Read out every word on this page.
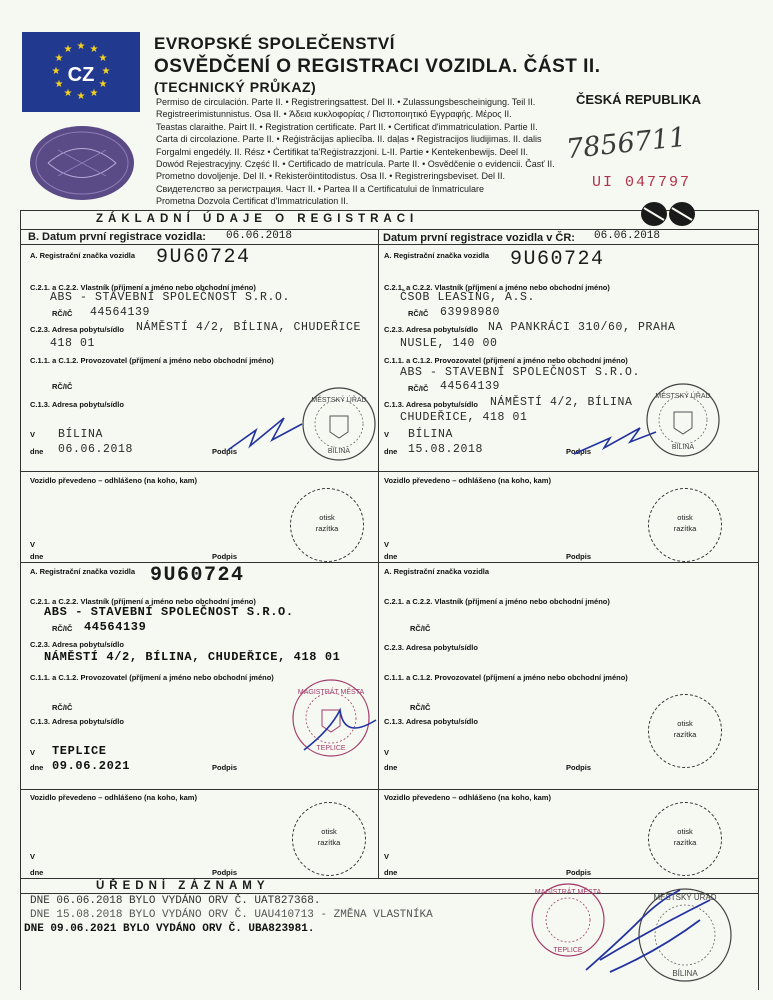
★ ★
★
★
★
★
★
★
★
★
★
★
CZ
EVROPSKÉ SPOLEČENSTVÍ
OSVĚDČENÍ O REGISTRACI VOZIDLA. ČÁST II.
(TECHNICKÝ PRŮKAZ)
ČESKÁ REPUBLIKA
Permiso de circulación. Parte II. • Registreringsattest. Del II. • Zulassungsbescheinigung. Teil II.
Registreerimistunnistus. Osa II. • Άδεια κυκλοφορίας / Πιστοποιητικό Εγγραφής. Μέρος II.
Teastas claraithe. Pairt II. • Registration certificate. Part II. • Certificat d'immatriculation. Partie II.
Carta di circolazione. Parte II. • Reģistrācijas apliecība. II. daļas • Registracijos liudijimas. II. dalis
Forgalmi engedély. II. Rész • Ċertifikat ta'Reġistrazzjoni. L-II. Partie • Kentekenbewijs. Deel II.
Dowód Rejestracyjny. Część II. • Certificado de matrícula. Parte II. • Osvědčenie o evidencii. Časť II.
Prometno dovoljenje. Del II. • Rekisteröintitodistus. Osa II. • Registreringsbeviset. Del II.
Свидетелство за регистрация. Част II. • Partea II a Certificatului de înmatriculare
Prometna Dozvola Certificat d'Immatriculation II.
7856711
UI 047797
ZÁKLADNÍ ÚDAJE O REGISTRACI
B. Datum první registrace vozidla: 06.06.2018	Datum první registrace vozidla v ČR: 06.06.2018
A. Registrační značka vozidla 9U60724
C.2.1. a C.2.2. Vlastník (příjmení a jméno nebo obchodní jméno)
ABS - STAVEBNÍ SPOLEČNOST S.R.O.
RČ/IČ 44564139
C.2.3. Adresa pobytu/sídlo NÁMĚSTÍ 4/2, BÍLINA, CHUDEŘICE
418 01
C.1.1. a C.1.2. Provozovatel (příjmení a jméno nebo obchodní jméno)
RČ/IČ
C.1.3. Adresa pobytu/sídlo
V BÍLINA
dne 06.06.2018	Podpis
MĚSTSKÝ ÚŘAD
BÍLINA
Vozidlo převedeno – odhlášeno (na koho, kam)
otisk
razítka
V
dne	Podpis
A. Registrační značka vozidla 9U60724
C.2.1. a C.2.2. Vlastník (příjmení a jméno nebo obchodní jméno)
ČSOB LEASING, A.S.
RČ/IČ 63998980
C.2.3. Adresa pobytu/sídlo NA PANKRÁCI 310/60, PRAHA
NUSLE, 140 00
C.1.1. a C.1.2. Provozovatel (příjmení a jméno nebo obchodní jméno)
ABS - STAVEBNÍ SPOLEČNOST S.R.O.
RČ/IČ 44564139
C.1.3. Adresa pobytu/sídlo NÁMĚSTÍ 4/2, BÍLINA
CHUDEŘICE, 418 01
V BÍLINA
dne 15.08.2018	Podpis
MĚSTSKÝ ÚŘAD
BÍLINA
Vozidlo převedeno – odhlášeno (na koho, kam)
otisk
razítka
V
dne	Podpis
A. Registrační značka vozidla 9U60724
C.2.1. a C.2.2. Vlastník (příjmení a jméno nebo obchodní jméno)
ABS - STAVEBNÍ SPOLEČNOST S.R.O.
RČ/IČ 44564139
C.2.3. Adresa pobytu/sídlo
NÁMĚSTÍ 4/2, BÍLINA, CHUDEŘICE, 418 01
C.1.1. a C.1.2. Provozovatel (příjmení a jméno nebo obchodní jméno)
RČ/IČ
C.1.3. Adresa pobytu/sídlo
V TEPLICE
dne 09.06.2021	Podpis
MAGISTRÁT MĚSTA
TEPLICE
Vozidlo převedeno – odhlášeno (na koho, kam)
otisk
razítka
V
dne	Podpis
A. Registrační značka vozidla
C.2.1. a C.2.2. Vlastník (příjmení a jméno nebo obchodní jméno)
RČ/IČ
C.2.3. Adresa pobytu/sídlo
C.1.1. a C.1.2. Provozovatel (příjmení a jméno nebo obchodní jméno)
RČ/IČ
C.1.3. Adresa pobytu/sídlo	otisk
razítka
V
dne	Podpis
Vozidlo převedeno – odhlášeno (na koho, kam)
otisk
razítka
V
dne	Podpis
ÚŘEDNÍ ZÁZNAMY
DNE 06.06.2018 BYLO VYDÁNO ORV Č. UAT827368.
DNE 15.08.2018 BYLO VYDÁNO ORV Č. UAU410713 - ZMĚNA VLASTNÍKA
DNE 09.06.2021 BYLO VYDÁNO ORV Č. UBA823981.
MAGISTRÁT MĚSTA
TEPLICE
MĚSTSKÝ ÚŘAD
BÍLINA
